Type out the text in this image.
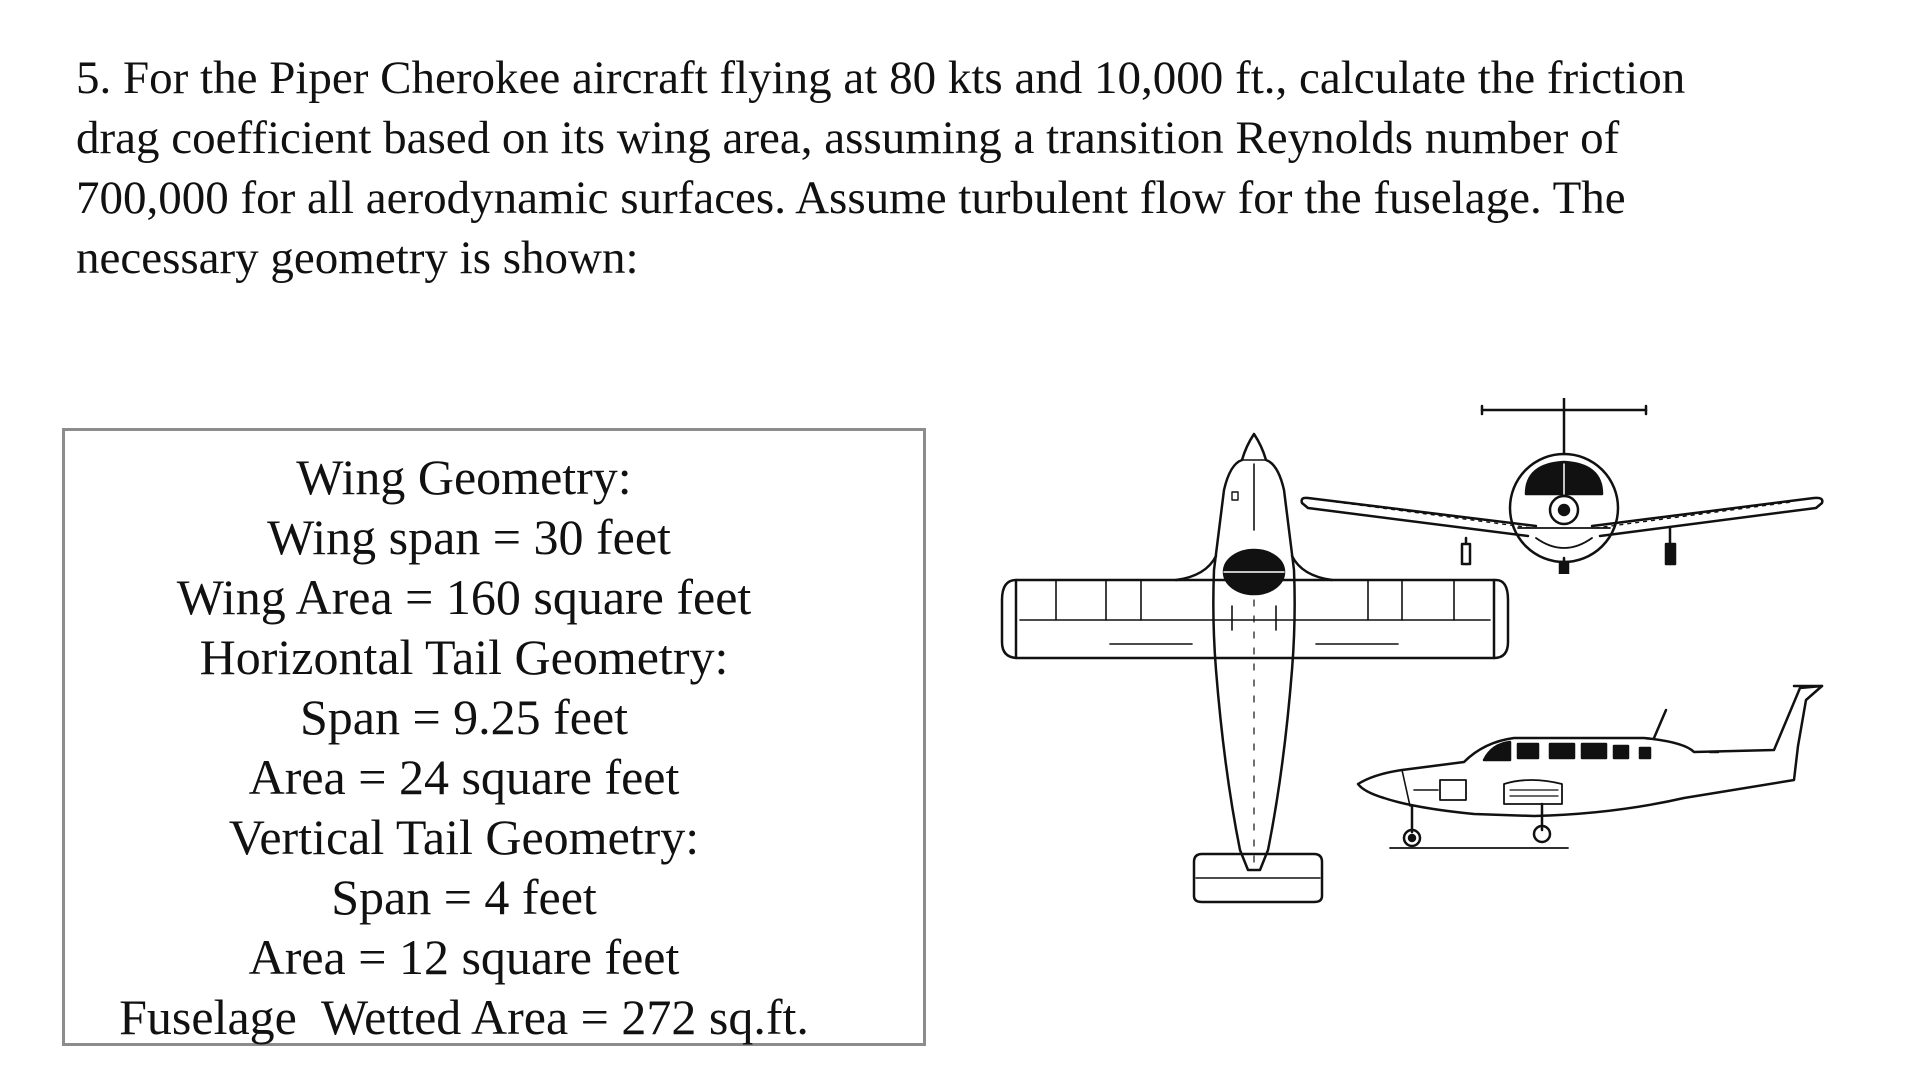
5. For the Piper Cherokee aircraft flying at 80 kts and 10,000 ft., calculate the friction
drag coefficient based on its wing area, assuming a transition Reynolds number of
700,000 for all aerodynamic surfaces. Assume turbulent flow for the fuselage. The
necessary geometry is shown:
Wing Geometry:
Wing span = 30 feet
Wing Area = 160 square feet
Horizontal Tail Geometry:
Span = 9.25 feet
Area = 24 square feet
Vertical Tail Geometry:
Span = 4 feet
Area = 12 square feet
Fuselage  Wetted Area = 272 sq.ft.
